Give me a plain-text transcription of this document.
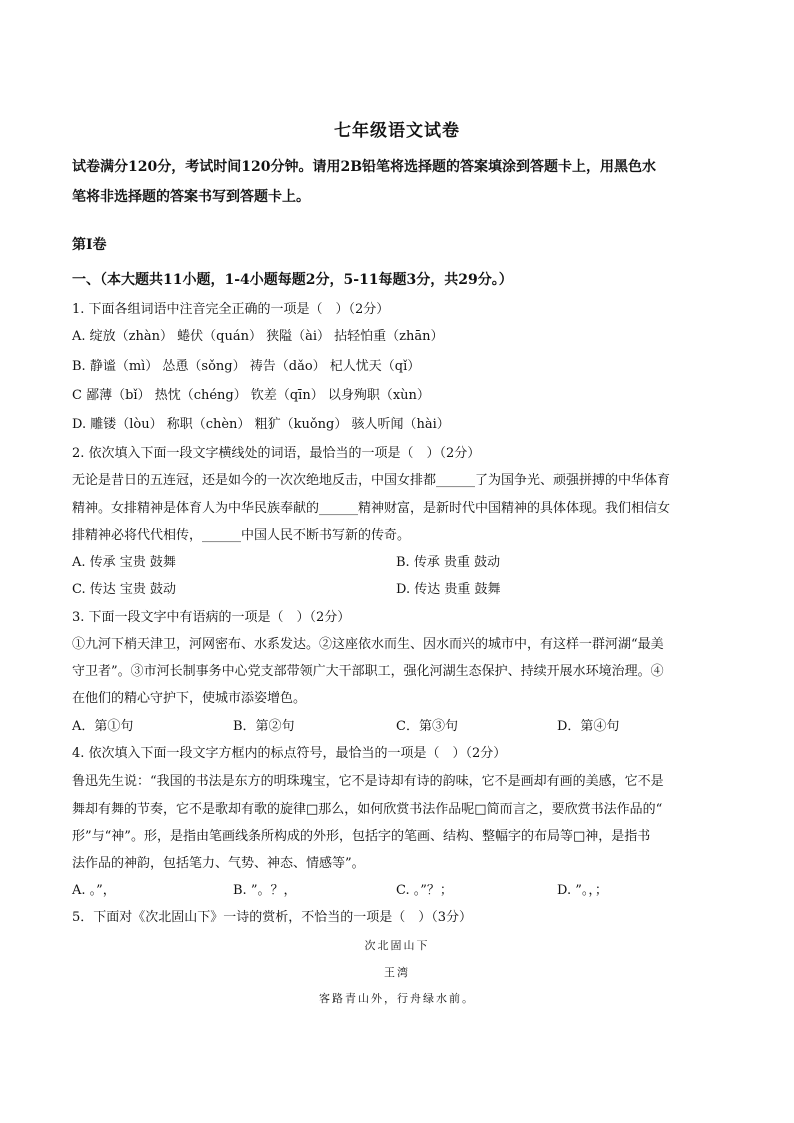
七年级语文试卷
试卷满分120分，考试时间120分钟。请用2B铅笔将选择题的答案填涂到答题卡上，用黑色水
笔将非选择题的答案书写到答题卡上。
第Ⅰ卷
一、（本大题共11小题，1-4小题每题2分，5-11每题3分，共29分。）
1. 下面各组词语中注音完全正确的一项是（　）（2分）
A. 绽放（zhàn） 蜷伏（quán） 狭隘（ài） 拈轻怕重（zhān）
B. 静谧（mì） 怂恿（sǒng） 祷告（dǎo） 杞人忧天（qǐ）
C 鄙薄（bǐ） 热忱（chéng） 钦差（qīn） 以身殉职（xùn）
D. 雕镂（lòu） 称职（chèn） 粗犷（kuǒng） 骇人听闻（hài）
2. 依次填入下面一段文字横线处的词语，最恰当的一项是（　）（2分）
无论是昔日的五连冠，还是如今的一次次绝地反击，中国女排都______了为国争光、顽强拼搏的中华体育
精神。女排精神是体育人为中华民族奉献的______精神财富，是新时代中国精神的具体体现。我们相信女
排精神必将代代相传，______中国人民不断书写新的传奇。
A. 传承 宝贵 鼓舞	B. 传承 贵重 鼓动
C. 传达 宝贵 鼓动	D. 传达 贵重 鼓舞
3. 下面一段文字中有语病的一项是（　）（2分）
①九河下梢天津卫，河网密布、水系发达。②这座依水而生、因水而兴的城市中，有这样一群河湖“最美
守卫者”。③市河长制事务中心党支部带领广大干部职工，强化河湖生态保护、持续开展水环境治理。④
在他们的精心守护下，使城市添姿增色。
A．第①句	B．第②句	C．第③句	D．第④句
4. 依次填入下面一段文字方框内的标点符号，最恰当的一项是（　）（2分）
鲁迅先生说：“我国的书法是东方的明珠瑰宝，它不是诗却有诗的韵味，它不是画却有画的美感，它不是
舞却有舞的节奏，它不是歌却有歌的旋律□那么，如何欣赏书法作品呢□简而言之，要欣赏书法作品的“
形”与“神”。形，是指由笔画线条所构成的外形，包括字的笔画、结构、整幅字的布局等□神，是指书
法作品的神韵，包括笔力、气势、神态、情感等”。
A. 。”，	B. ”。？，	C. 。”？；	D. ”。，；
5．下面对《次北固山下》一诗的赏析，不恰当的一项是（　）（3分）
次北固山下
王湾
客路青山外，行舟绿水前。
